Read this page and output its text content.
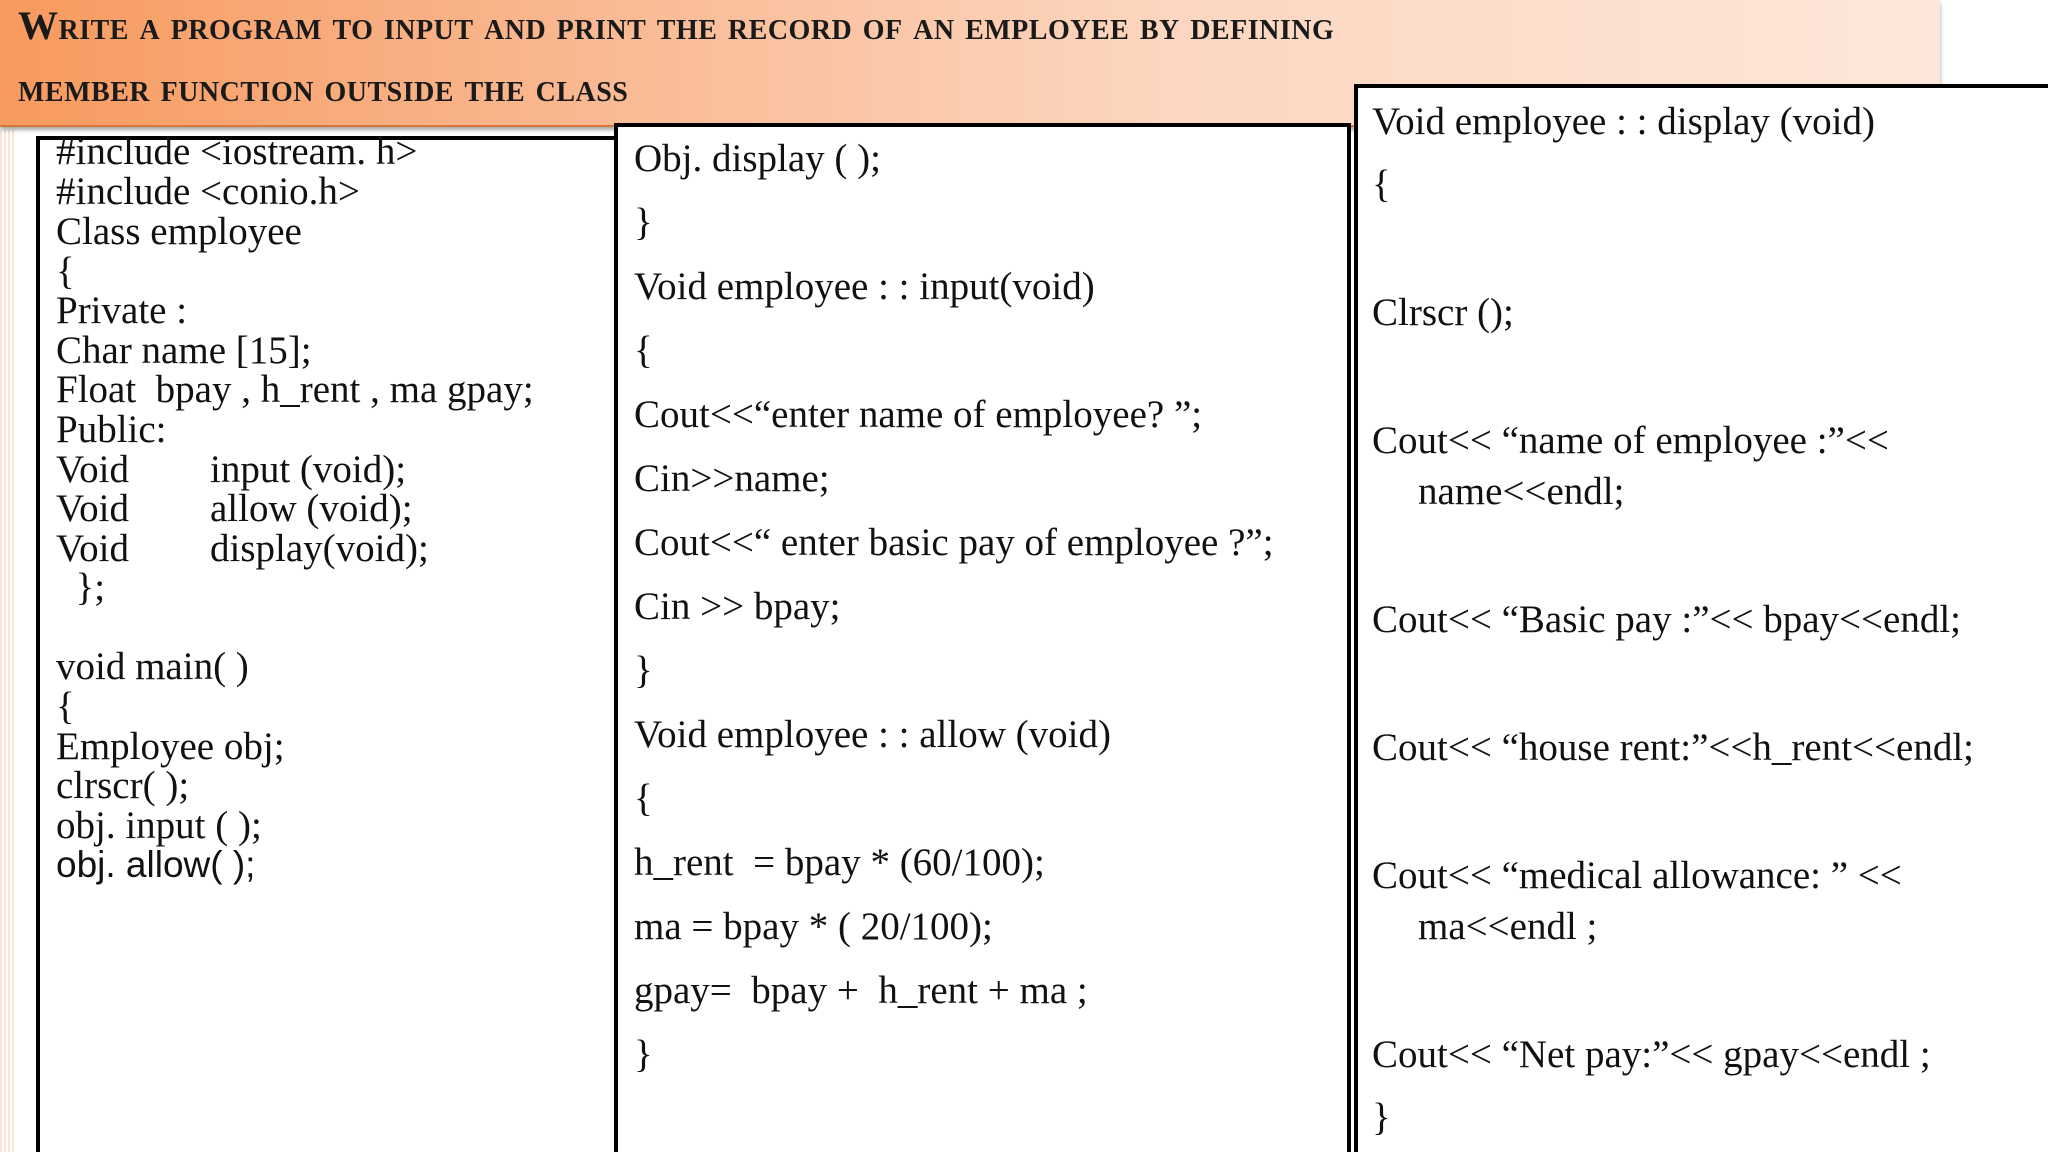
Write a program to input and print the record of an employee by defining
member function outside the class
#include <iostream. h>
#include <conio.h>
Class employee
{
Private :
Char name [15];
Float  bpay , h_rent , ma gpay;
Public:
Void input (void);
Void allow (void);
Void display(void);
};
void main( )
{
Employee obj;
clrscr( );
obj. input ( );
obj. allow( );
Obj. display ( );
}
Void employee : : input(void)
{
Cout<<“enter name of employee? ”;
Cin>>name;
Cout<<“ enter basic pay of employee ?”;
Cin >> bpay;
}
Void employee : : allow (void)
{
h_rent  = bpay * (60/100);
ma = bpay * ( 20/100);
gpay=  bpay +  h_rent + ma ;
}
Void employee : : display (void)
{
Clrscr ();
Cout<< “name of employee :”<<
name<<endl;
Cout<< “Basic pay :”<< bpay<<endl;
Cout<< “house rent:”<<h_rent<<endl;
Cout<< “medical allowance: ” <<
ma<<endl ;
Cout<< “Net pay:”<< gpay<<endl ;
}
